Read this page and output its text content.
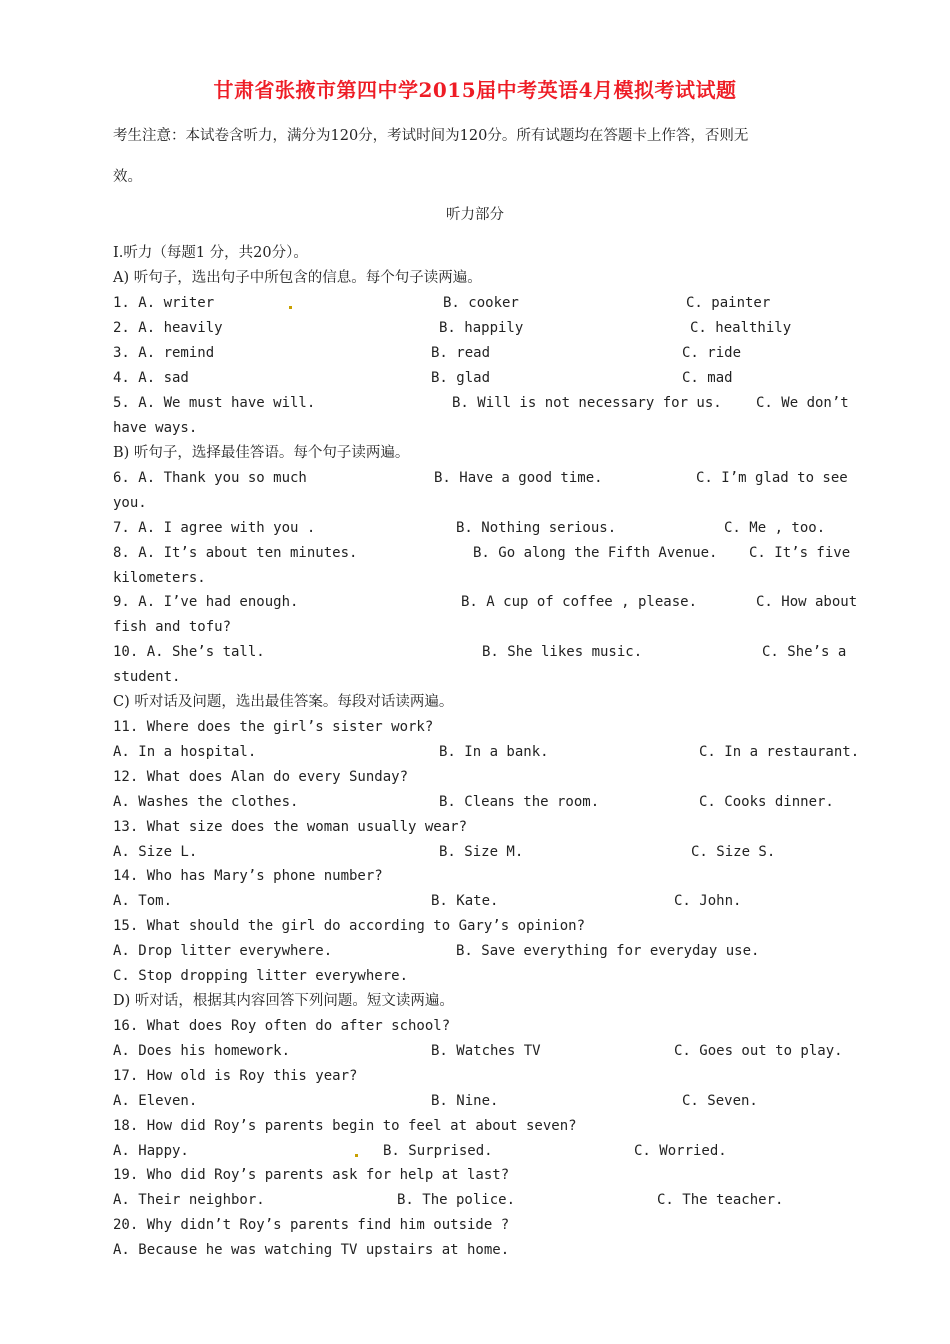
甘肃省张掖市第四中学2015届中考英语4月模拟考试试题
考生注意：本试卷含听力，满分为120分，考试时间为120分。所有试题均在答题卡上作答，否则无
效。
听力部分
I.听力（每题1 分，共20分）。
A) 听句子，选出句子中所包含的信息。每个句子读两遍。

1. A. writer

	B. cooker

	C. painter

2. A. heavily

	B. happily

	C. healthily

3. A. remind

	B. read

	C. ride

4. A. sad

	B. glad

	C. mad

5. A. We must have will.

	B. Will is not necessary for us.

C. We don’t

have ways.
B) 听句子，选择最佳答语。每个句子读两遍。

6. A. Thank you so much

	B. Have a good time.

	C. I’m glad to see

you.

7. A. I agree with you .

	B. Nothing serious.

	C. Me , too.

8. A. It’s about ten minutes.

	B. Go along the Fifth Avenue.

C. It’s five

kilometers.

9. A. I’ve had enough.

	B. A cup of coffee , please.

	C. How about

fish and tofu?

10. A. She’s tall.

	B. She likes music.

	C. She’s a

student.
C) 听对话及问题，选出最佳答案。每段对话读两遍。
11. Where does the girl’s sister work?

A. In a hospital.

	B. In a bank.

	C. In a restaurant.

12. What does Alan do every Sunday?

A. Washes the clothes.

	B. Cleans the room.

	C. Cooks dinner.

13. What size does the woman usually wear?

A. Size L.

	B. Size M.

	C. Size S.

14. Who has Mary’s phone number?

A. Tom.

	B. Kate.

	C. John.

15. What should the girl do according to Gary’s opinion?

A. Drop litter everywhere.

	B. Save everything for everyday use.

C. Stop dropping litter everywhere.
D) 听对话，根据其内容回答下列问题。短文读两遍。
16. What does Roy often do after school?

A. Does his homework.

	B. Watches TV

	C. Goes out to play.

17. How old is Roy this year?

A. Eleven.

	B. Nine.

	C. Seven.

18. How did Roy’s parents begin to feel at about seven?

A. Happy.

	B. Surprised.

	C. Worried.

19. Who did Roy’s parents ask for help at last?

A. Their neighbor.

	B. The police.

	C. The teacher.

20. Why didn’t Roy’s parents find him outside ?
A. Because he was watching TV upstairs at home.
